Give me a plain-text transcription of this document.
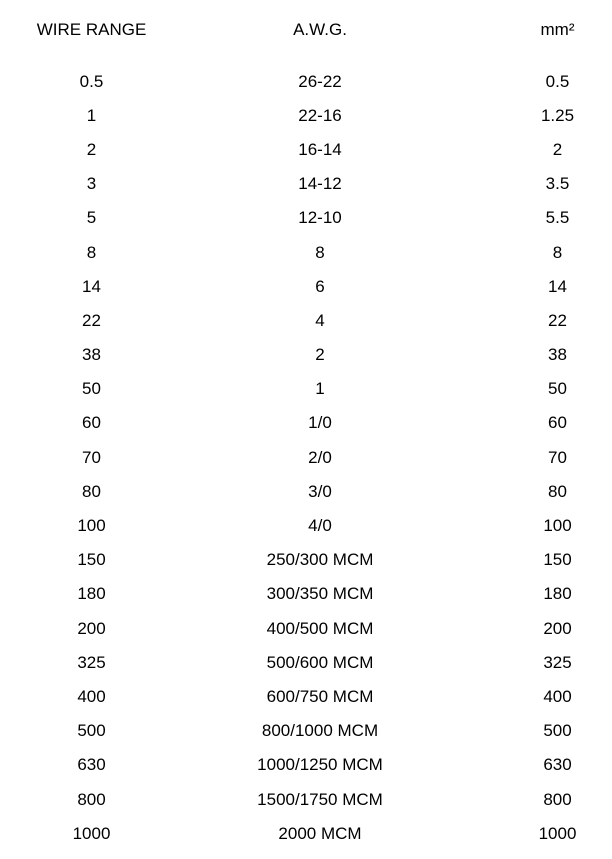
WIRE RANGE	A.W.G.	mm²
0.5	26-22	0.5
1	22-16	1.25
2	16-14	2
3	14-12	3.5
5	12-10	5.5
8	8	8
14	6	14
22	4	22
38	2	38
50	1	50
60	1/0	60
70	2/0	70
80	3/0	80
100	4/0	100
150	250/300 MCM	150
180	300/350 MCM	180
200	400/500 MCM	200
325	500/600 MCM	325
400	600/750 MCM	400
500	800/1000 MCM	500
630	1000/1250 MCM	630
800	1500/1750 MCM	800
1000	2000 MCM	1000
